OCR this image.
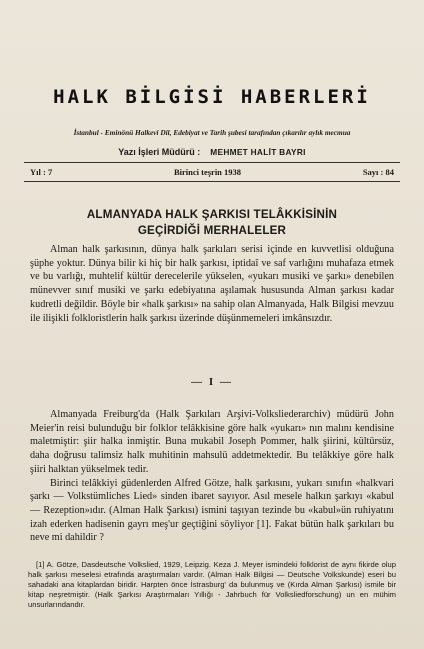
HALK BİLGİSİ HABERLERİ
İstanbul - Eminönü Halkevi Dil, Edebiyat ve Tarih şubesi tarafından çıkarılır aylık mecmua
Yazı İşleri Müdürü : MEHMET HALİT BAYRI
Yıl : 7	Birinci teşrin 1938	Sayı : 84
ALMANYADA HALK ŞARKISI TELÂKKİSİNİN
GEÇİRDİĞİ MERHALELER

Alman halk şarkısının, dünya halk şarkıları serisi içinde en kuvvetlisi olduğuna şüphe yoktur. Dünya bilir ki hiç bir halk şarkısı, iptidaî ve saf varlığını muhafaza etmek ve bu varlığı, muhtelif kültür derecelerile yükselen, «yukarı musiki ve şarkı» denebilen münevver sınıf musiki ve şarkı edebiyatına aşılamak hususunda Alman şarkısı kadar kudretli değildir. Böyle bir «halk şarkısı» na sahip olan Almanyada, Halk Bilgisi mevzuu ile ilişikli folkloristlerin halk şarkısı üzerinde düşünmemeleri imkânsızdır.

— I —

Almanyada Freiburg'da (Halk Şarkıları Arşivi-Volksliederarchiv) müdürü John Meier'in reisi bulunduğu bir folklor telâkkisine göre halk «yukarı» nın malını kendisine maletmiştir: şiir halka inmiştir. Buna mukabil Joseph Pommer, halk şiirini, kültürsüz, daha doğrusu talimsiz halk muhitinin mahsulü addetmektedir. Bu telâkkiye göre halk şiiri halktan yükselmek tedir.

Birinci telâkkiyi güdenlerden Alfred Götze, halk şarkısını, yukarı sınıfın «halkvari şarkı — Volkstümliches Lied» sinden ibaret sayıyor. Asıl mesele halkın şarkıyı «kabul — Rezeption»ıdır. (Alman Halk Şarkısı) ismini taşıyan tezinde bu «kabul»ün ruhiyatını izah ederken hadisenin gayrı meş'ur geçtiğini söyliyor [1]. Fakat bütün halk şarkıları bu neve mi dahildir ?

[1] A. Götze, Dasdeutsche Volkslied, 1929, Leipzig. Keza J. Meyer ismindeki folklorist de aynı fikirde olup halk şarkısı meselesi etrafında araştırmaları vardır. (Alman Halk Bilgisi — Deutsche Volkskunde) eseri bu sahadaki ana kitaplardan biridir. Harpten önce İstrasburg' da bulunmuş ve (Kırda Alman Şarkısı) ismile bir kitap neşretmiştir. (Halk Şarkısı Araştırmaları Yıllığı - Jahrbuch für Volksliedforschung) un en mühim unsurlarındandır.
